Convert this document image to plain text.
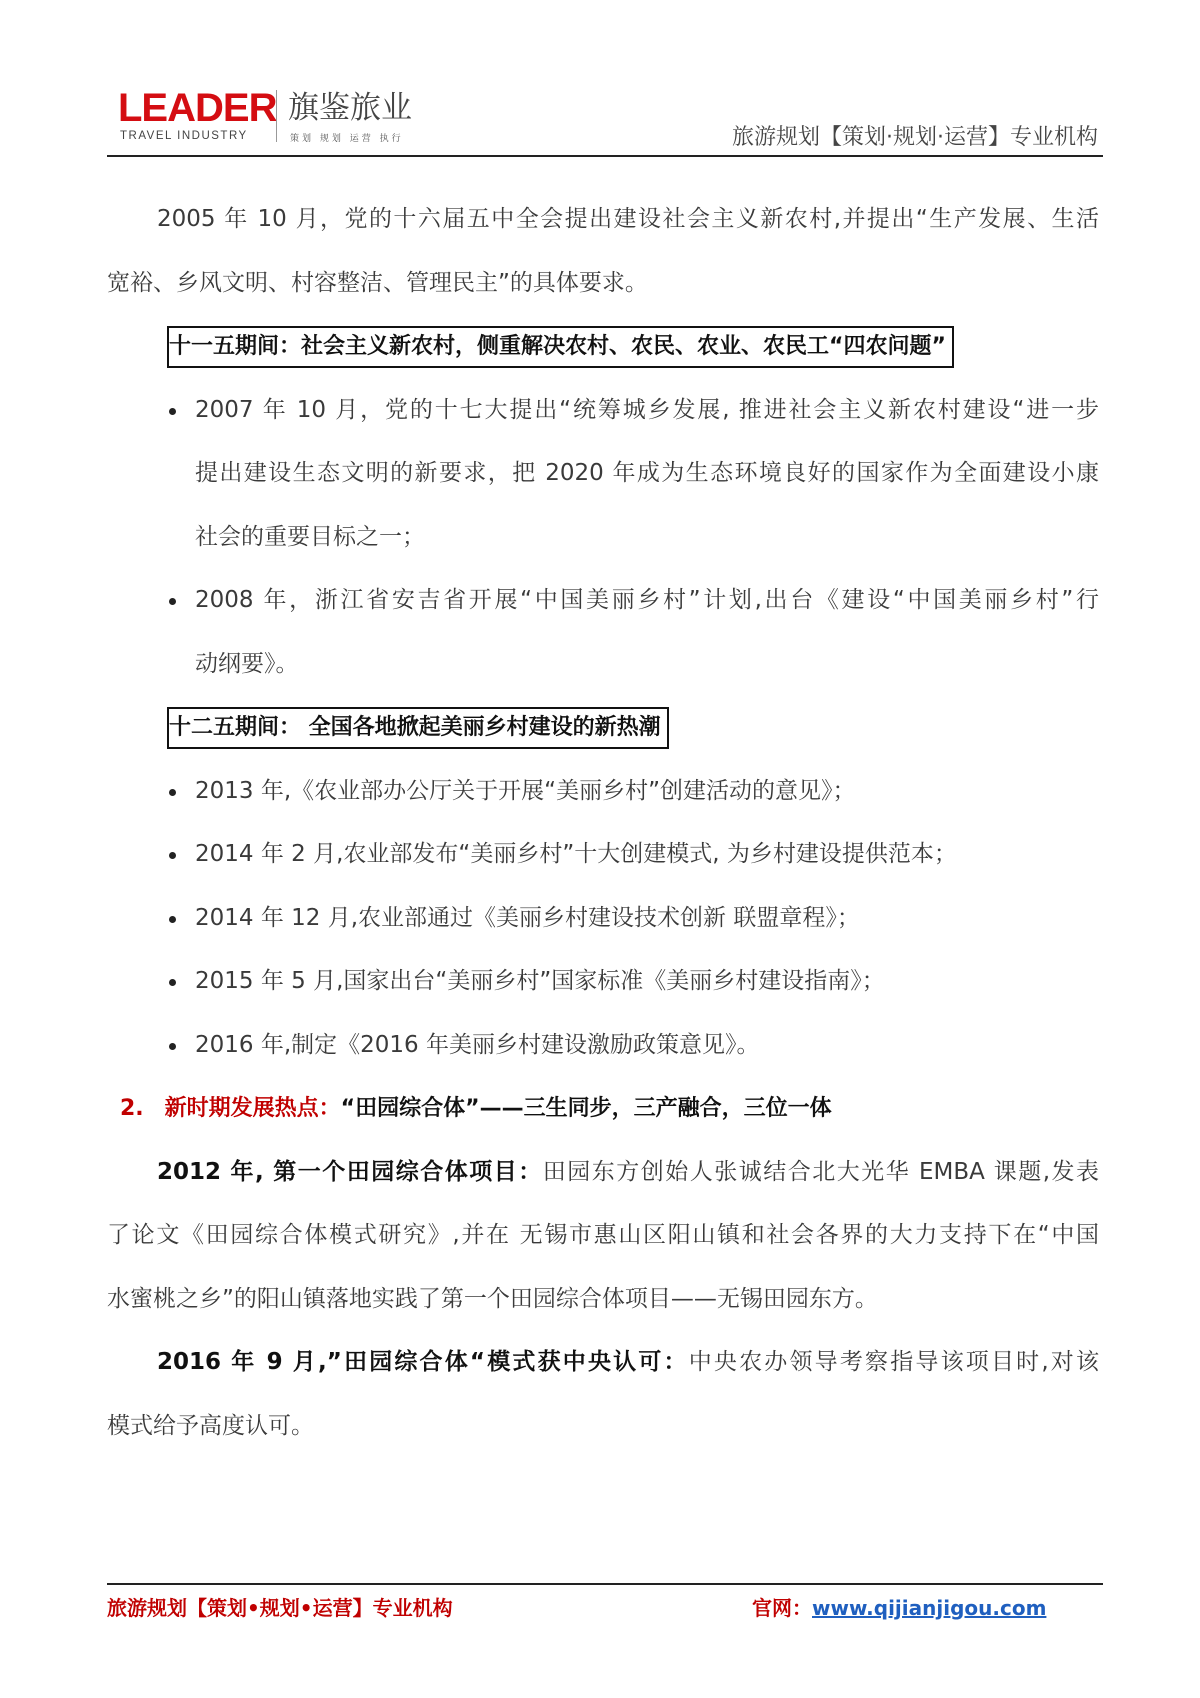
LEADER
TRAVEL INDUSTRY
旗鉴旅业
策划 规划 运营 执行	旅游规划【策划·规划·运营】专业机构
2005 年 10 月，党的十六届五中全会提出建设社会主义新农村,并提出“生产发展、生活
宽裕、乡风文明、村容整洁、管理民主”的具体要求。
十一五期间：社会主义新农村，侧重解决农村、农民、农业、农民工“四农问题”
2007 年 10 月，党的十七大提出“统筹城乡发展, 推进社会主义新农村建设“进一步
提出建设生态文明的新要求，把 2020 年成为生态环境良好的国家作为全面建设小康
社会的重要目标之一；
2008 年，浙江省安吉省开展“中国美丽乡村”计划,出台《建设“中国美丽乡村”行
动纲要》。
十二五期间： 全国各地掀起美丽乡村建设的新热潮
2013 年,《农业部办公厅关于开展“美丽乡村”创建活动的意见》；
2014 年 2 月,农业部发布“美丽乡村”十大创建模式, 为乡村建设提供范本；
2014 年 12 月,农业部通过《美丽乡村建设技术创新 联盟章程》；
2015 年 5 月,国家出台“美丽乡村”国家标准《美丽乡村建设指南》；
2016 年,制定《2016 年美丽乡村建设激励政策意见》。
2. 新时期发展热点：“田园综合体”——三生同步，三产融合，三位一体
2012 年, 第一个田园综合体项目：田园东方创始人张诚结合北大光华 EMBA 课题,发表
了论文《田园综合体模式研究》,并在 无锡市惠山区阳山镇和社会各界的大力支持下在“中国
水蜜桃之乡”的阳山镇落地实践了第一个田园综合体项目——无锡田园东方。
2016 年 9 月,”田园综合体“模式获中央认可：中央农办领导考察指导该项目时,对该
模式给予高度认可。
旅游规划【策划•规划•运营】专业机构	官网：www.qijianjigou.com
